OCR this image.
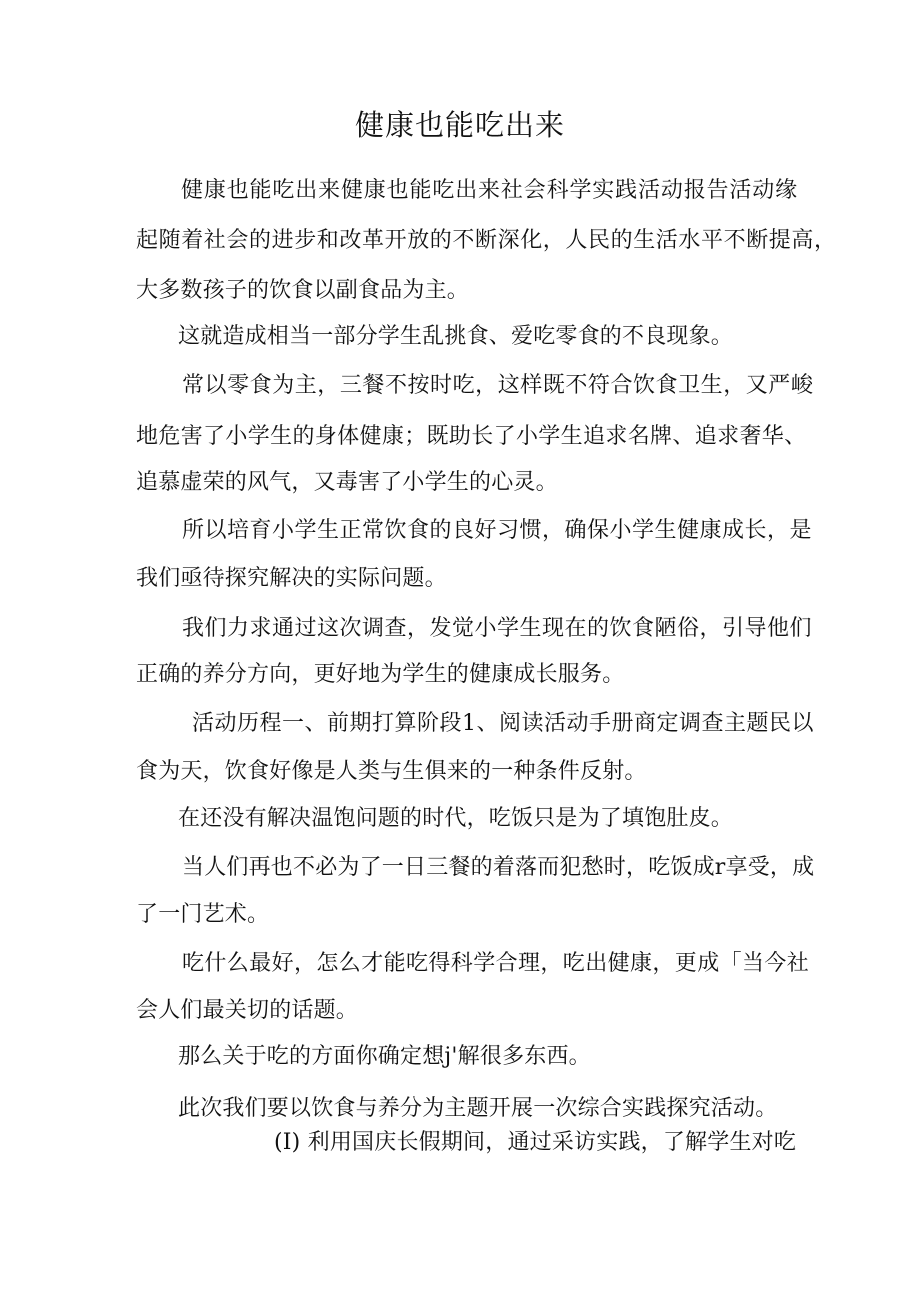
健康也能吃出来
健康也能吃出来健康也能吃出来社会科学实践活动报告活动缘
起随着社会的进步和改革开放的不断深化，人民的生活水平不断提高，
大多数孩子的饮食以副食品为主。
这就造成相当一部分学生乱挑食、爱吃零食的不良现象。
常以零食为主，三餐不按时吃，这样既不符合饮食卫生，又严峻
地危害了小学生的身体健康；既助长了小学生追求名牌、追求奢华、
追慕虚荣的风气，又毒害了小学生的心灵。
所以培育小学生正常饮食的良好习惯，确保小学生健康成长，是
我们亟待探究解决的实际问题。
我们力求通过这次调查，发觉小学生现在的饮食陋俗，引导他们
正确的养分方向，更好地为学生的健康成长服务。
活动历程一、前期打算阶段1、阅读活动手册商定调查主题民以
食为天，饮食好像是人类与生俱来的一种条件反射。
在还没有解决温饱问题的时代，吃饭只是为了填饱肚皮。
当人们再也不必为了一日三餐的着落而犯愁时，吃饭成r享受，成
了一门艺术。
吃什么最好，怎么才能吃得科学合理，吃出健康，更成「当今社
会人们最关切的话题。
那么关于吃的方面你确定想j'解很多东西。
此次我们要以饮食与养分为主题开展一次综合实践探究活动。
(I) 利用国庆长假期间，通过采访实践，了解学生对吃
